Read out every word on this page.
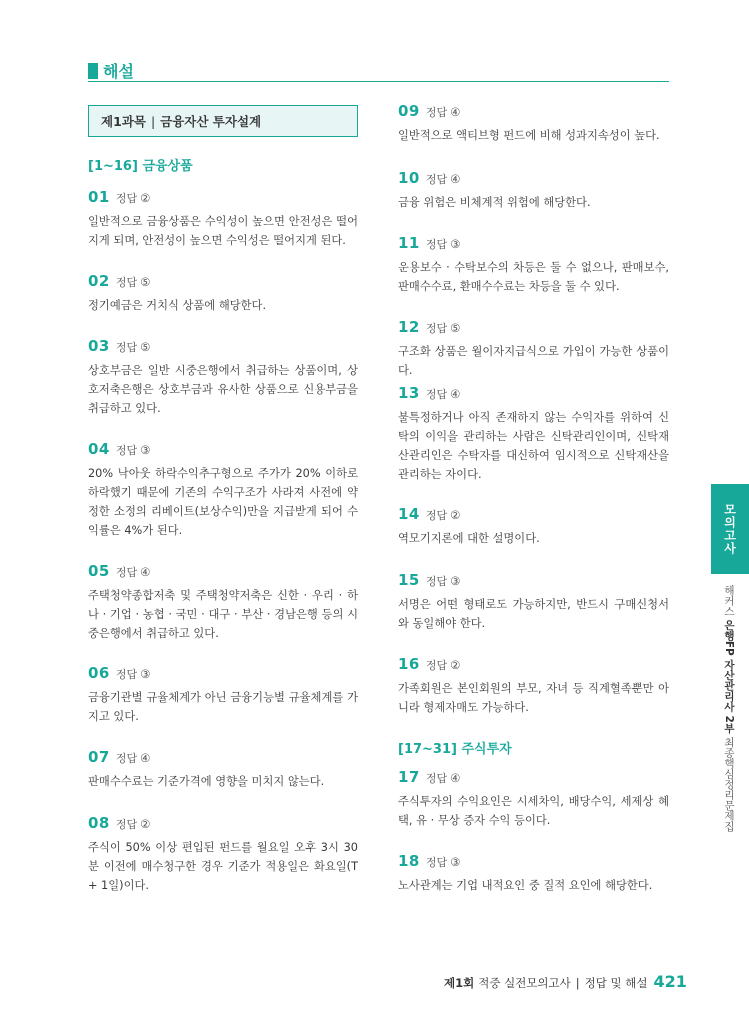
해설
제1과목 | 금융자산 투자설계
[1~16] 금융상품
01 정답 ②
일반적으로 금융상품은 수익성이 높으면 안전성은 떨어지게 되며, 안전성이 높으면 수익성은 떨어지게 된다.
02 정답 ⑤
정기예금은 거치식 상품에 해당한다.
03 정답 ⑤
상호부금은 일반 시중은행에서 취급하는 상품이며, 상호저축은행은 상호부금과 유사한 상품으로 신용부금을 취급하고 있다.
04 정답 ③
20% 낙아웃 하락수익추구형으로 주가가 20% 이하로 하락했기 때문에 기존의 수익구조가 사라져 사전에 약정한 소정의 리베이트(보상수익)만을 지급받게 되어 수익률은 4%가 된다.
05 정답 ④
주택청약종합저축 및 주택청약저축은 신한 · 우리 · 하나 · 기업 · 농협 · 국민 · 대구 · 부산 · 경남은행 등의 시중은행에서 취급하고 있다.
06 정답 ③
금융기관별 규율체계가 아닌 금융기능별 규율체계를 가지고 있다.
07 정답 ④
판매수수료는 기준가격에 영향을 미치지 않는다.
08 정답 ②
주식이 50% 이상 편입된 펀드를 월요일 오후 3시 30분 이전에 매수청구한 경우 기준가 적용일은 화요일(T + 1일)이다.
09 정답 ④
일반적으로 액티브형 펀드에 비해 성과지속성이 높다.
10 정답 ④
금융 위험은 비체계적 위험에 해당한다.
11 정답 ③
운용보수 · 수탁보수의 차등은 둘 수 없으나, 판매보수, 판매수수료, 환매수수료는 차등을 둘 수 있다.
12 정답 ⑤
구조화 상품은 월이자지급식으로 가입이 가능한 상품이다.
13 정답 ④
불특정하거나 아직 존재하지 않는 수익자를 위하여 신탁의 이익을 관리하는 사람은 신탁관리인이며, 신탁재산관리인은 수탁자를 대신하여 임시적으로 신탁재산을 관리하는 자이다.
14 정답 ②
역모기지론에 대한 설명이다.
15 정답 ③
서명은 어떤 형태로도 가능하지만, 반드시 구매신청서와 동일해야 한다.
16 정답 ②
가족회원은 본인회원의 부모, 자녀 등 직계혈족뿐만 아니라 형제자매도 가능하다.
[17~31] 주식투자
17 정답 ④
주식투자의 수익요인은 시세차익, 배당수익, 세제상 혜택, 유 · 무상 증자 수익 등이다.
18 정답 ③
노사관계는 기업 내적요인 중 질적 요인에 해당한다.
모의고사
해커스 은행FP 자산관리사 2부 최종핵심정리문제집
제1회 적중 실전모의고사 | 정답 및 해설 421
